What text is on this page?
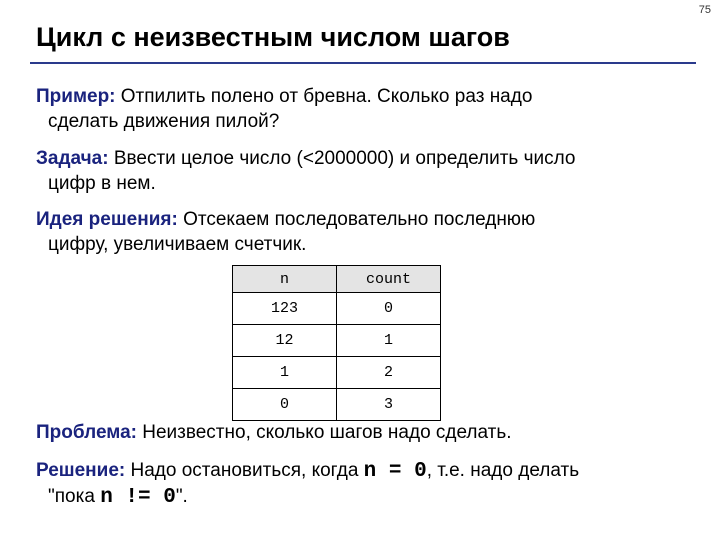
75
Цикл с неизвестным числом шагов
Пример: Отпилить полено от бревна. Сколько раз надо
сделать движения пилой?
Задача: Ввести целое число (<2000000) и определить число
цифр в нем.
Идея решения: Отсекаем последовательно последнюю
цифру, увеличиваем счетчик.
n	count
123	0
12	1
1	2
0	3
Проблема: Неизвестно, сколько шагов надо сделать.
Решение: Надо остановиться, когда n = 0, т.е. надо делать
"пока n != 0".
